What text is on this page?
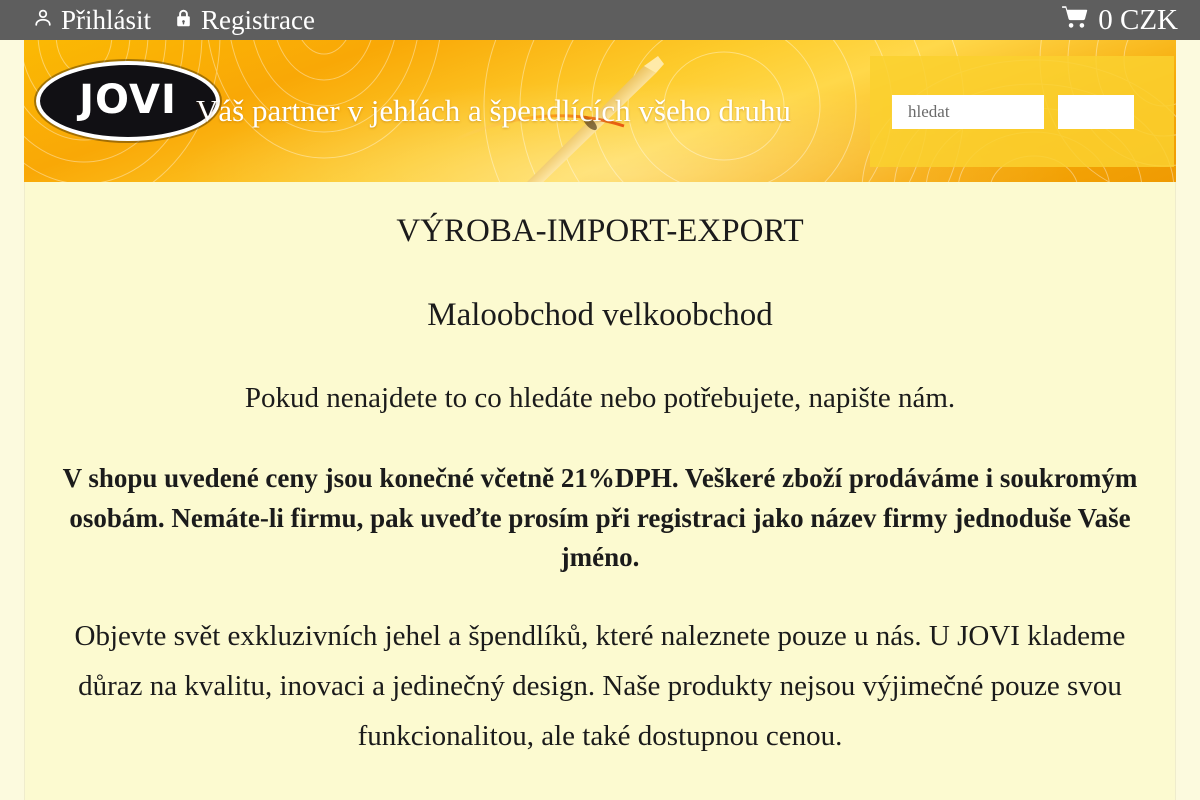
Přihlásit Registrace	0 CZK
JOVI Váš partner v jehlách a špendlících všeho druhu
hledat
VÝROBA-IMPORT-EXPORT
Maloobchod velkoobchod

Pokud nenajdete to co hledáte nebo potřebujete, napište nám.

V shopu uvedené ceny jsou konečné včetně 21%DPH. Veškeré zboží prodáváme i soukromým osobám. Nemáte-li firmu, pak uveďte prosím při registraci jako název firmy jednoduše Vaše jméno.

Objevte svět exkluzivních jehel a špendlíků, které naleznete pouze u nás. U JOVI klademe důraz na kvalitu, inovaci a jedinečný design. Naše produkty nejsou výjimečné pouze svou funkcionalitou, ale také dostupnou cenou.
